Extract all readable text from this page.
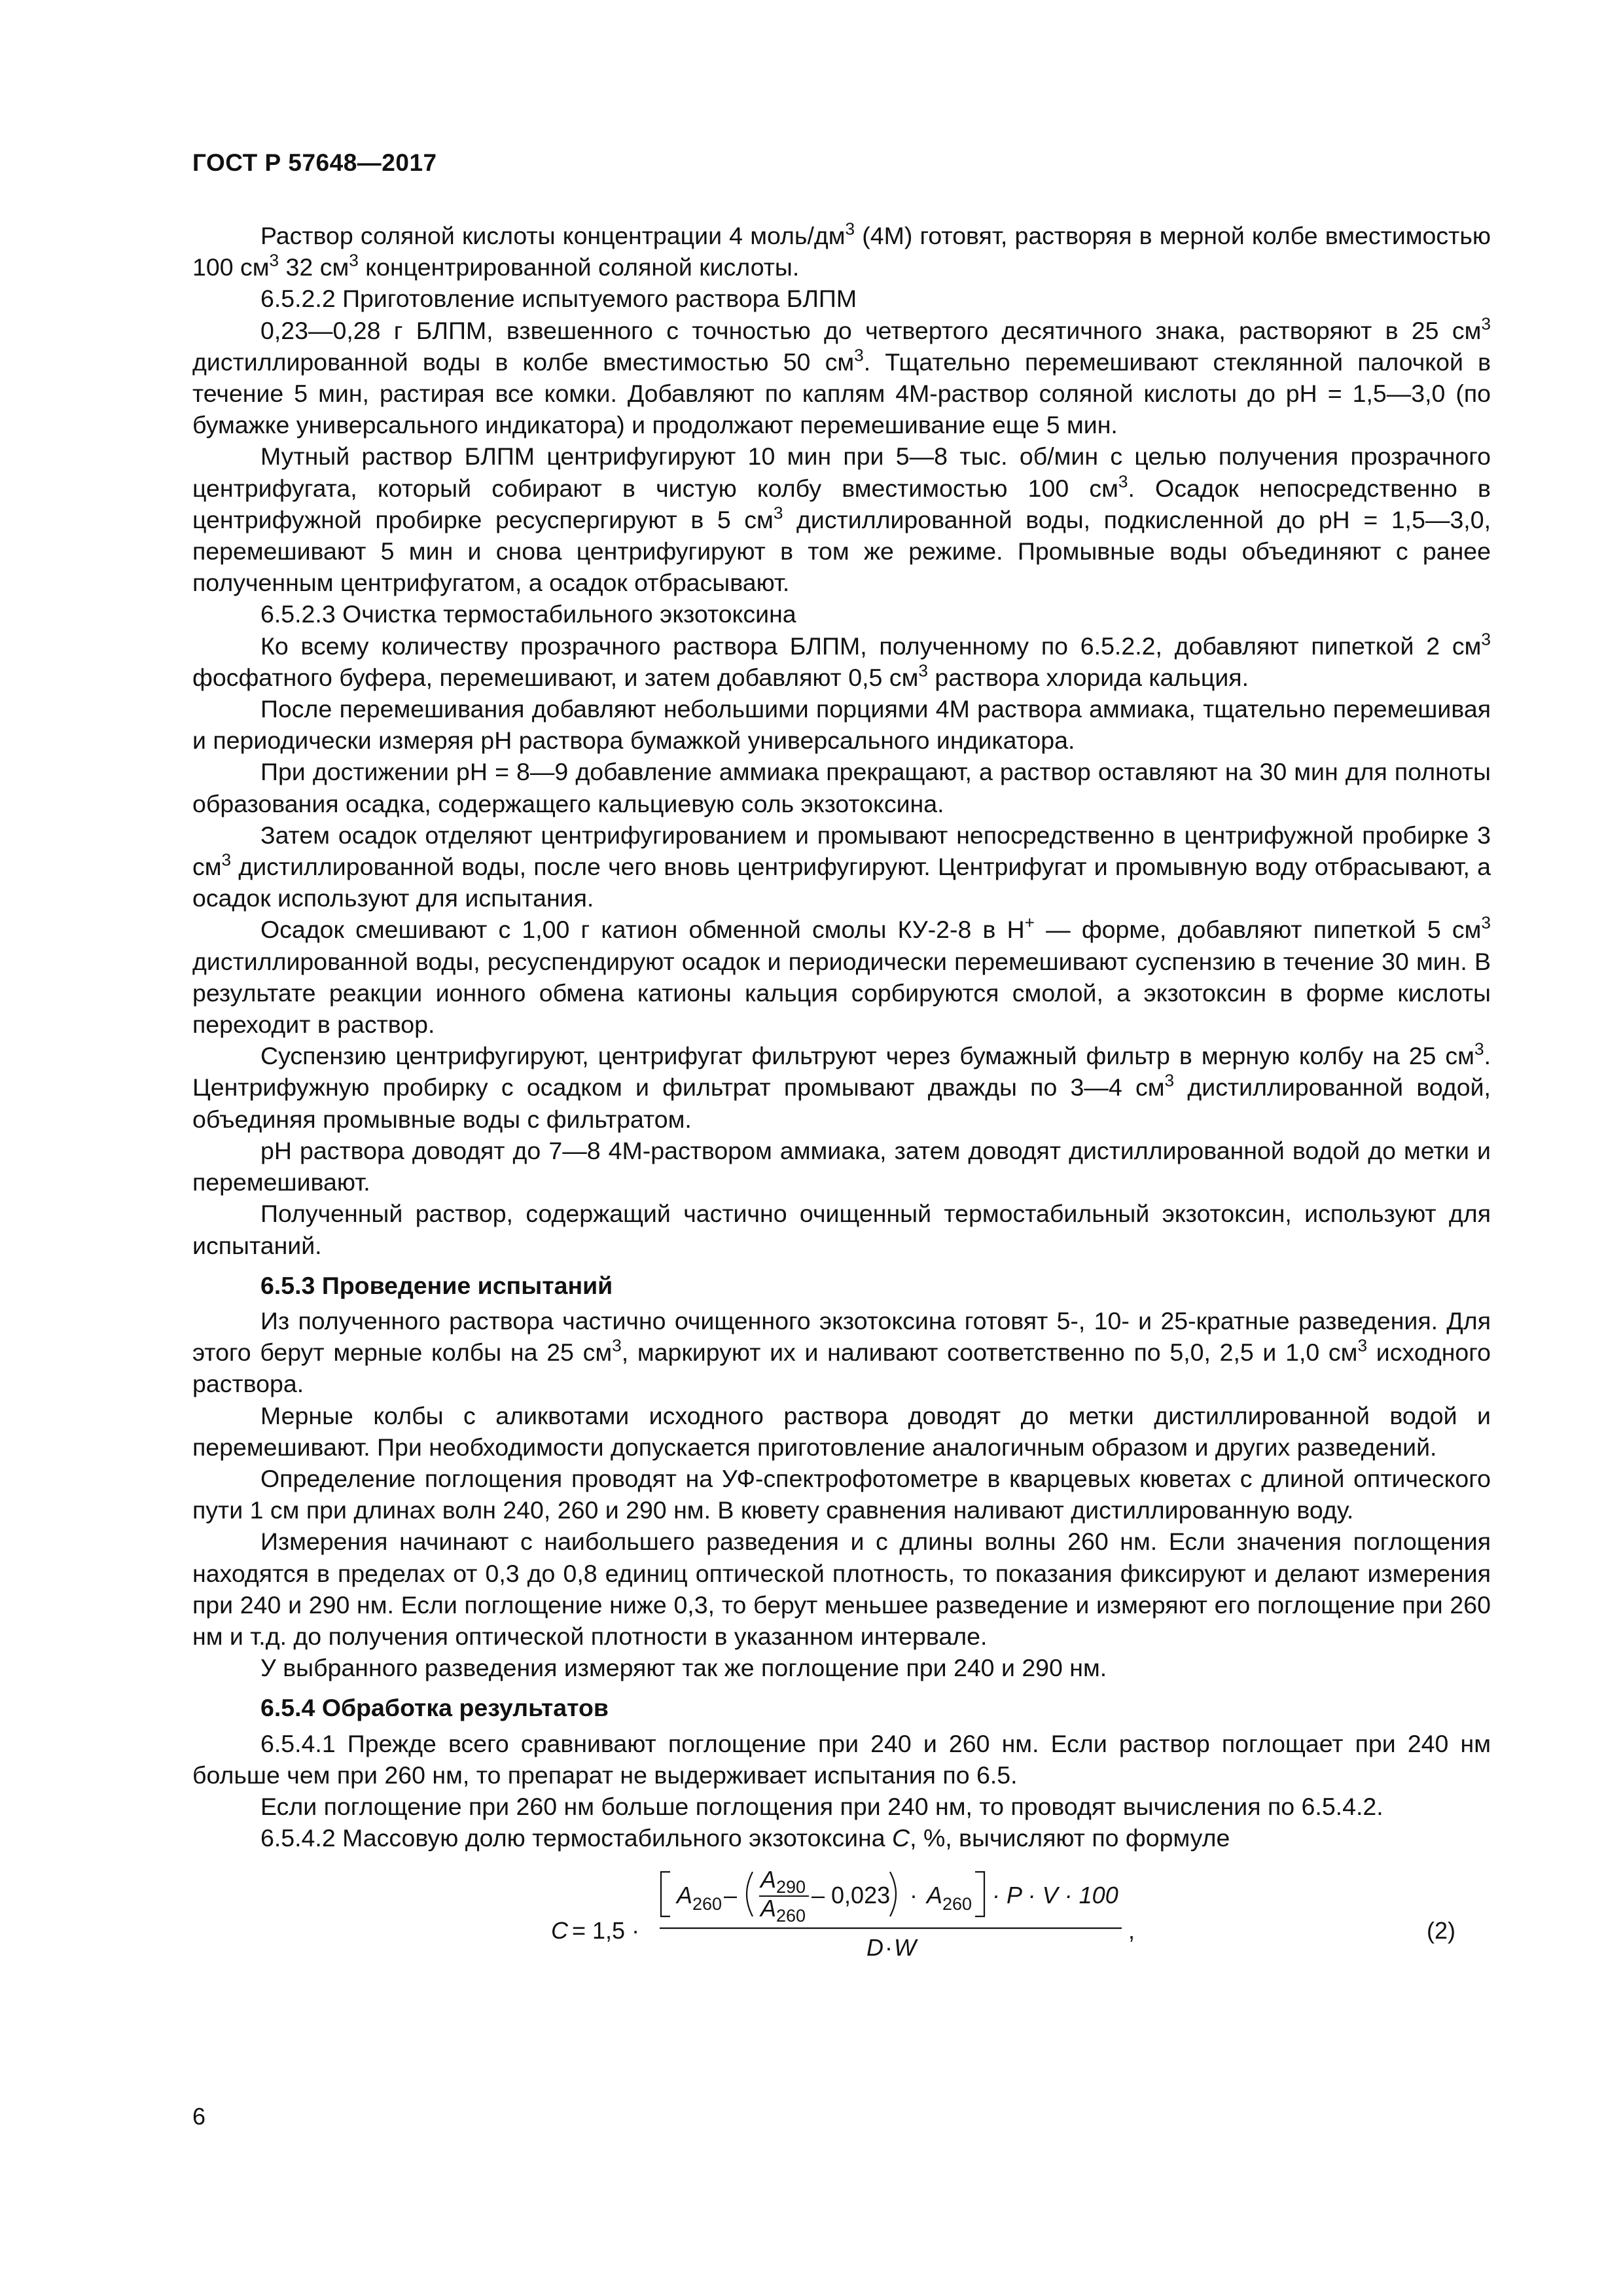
ГОСТ Р 57648—2017

Раствор соляной кислоты концентрации 4 моль/$дм^3$ (4М) готовят, растворяя в мерной колбе вместимостью 100 $см^3$ 32 $см^3$ концентрированной соляной кислоты.

6.5.2.2 Приготовление испытуемого раствора БЛПМ

0,23—0,28 г БЛПМ, взвешенного с точностью до четвертого десятичного знака, растворяют в 25 $см^3$ дистиллированной воды в колбе вместимостью 50 $см^3$. Тщательно перемешивают стеклянной палочкой в течение 5 мин, растирая все комки. Добавляют по каплям 4М-раствор соляной кислоты до рН = 1,5—3,0 (по бумажке универсального индикатора) и продолжают перемешивание еще 5 мин.

Мутный раствор БЛПМ центрифугируют 10 мин при 5—8 тыс. об/мин с целью получения прозрачного центрифугата, который собирают в чистую колбу вместимостью 100 $см^3$. Осадок непосредственно в центрифужной пробирке ресуспергируют в 5 $см^3$ дистиллированной воды, подкисленной до рН = 1,5—3,0, перемешивают 5 мин и снова центрифугируют в том же режиме. Промывные воды объединяют с ранее полученным центрифугатом, а осадок отбрасывают.

6.5.2.3 Очистка термостабильного экзотоксина

Ко всему количеству прозрачного раствора БЛПМ, полученному по 6.5.2.2, добавляют пипеткой 2 $см^3$ фосфатного буфера, перемешивают, и затем добавляют 0,5 $см^3$ раствора хлорида кальция.

После перемешивания добавляют небольшими порциями 4М раствора аммиака, тщательно перемешивая и периодически измеряя рН раствора бумажкой универсального индикатора.

При достижении рН = 8—9 добавление аммиака прекращают, а раствор оставляют на 30 мин для полноты образования осадка, содержащего кальциевую соль экзотоксина.

Затем осадок отделяют центрифугированием и промывают непосредственно в центрифужной пробирке 3 $см^3$ дистиллированной воды, после чего вновь центрифугируют. Центрифугат и промывную воду отбрасывают, а осадок используют для испытания.

Осадок смешивают с 1,00 г катион обменной смолы КУ-2-8 в Н+ — форме, добавляют пипеткой 5 $см^3$ дистиллированной воды, ресуспендируют осадок и периодически перемешивают суспензию в течение 30 мин. В результате реакции ионного обмена катионы кальция сорбируются смолой, а экзотоксин в форме кислоты переходит в раствор.

Суспензию центрифугируют, центрифугат фильтруют через бумажный фильтр в мерную колбу на 25 $см^3$. Центрифужную пробирку с осадком и фильтрат промывают дважды по 3—4 $см^3$ дистиллированной водой, объединяя промывные воды с фильтратом.

рН раствора доводят до 7—8 4М-раствором аммиака, затем доводят дистиллированной водой до метки и перемешивают.

Полученный раствор, содержащий частично очищенный термостабильный экзотоксин, используют для испытаний.

6.5.3 Проведение испытаний

Из полученного раствора частично очищенного экзотоксина готовят 5-, 10- и 25-кратные разведения. Для этого берут мерные колбы на 25 $см^3$, маркируют их и наливают соответственно по 5,0, 2,5 и 1,0 $см^3$ исходного раствора.

Мерные колбы с аликвотами исходного раствора доводят до метки дистиллированной водой и перемешивают. При необходимости допускается приготовление аналогичным образом и других разведений.

Определение поглощения проводят на УФ-спектрофотометре в кварцевых кюветах с длиной оптического пути 1 см при длинах волн 240, 260 и 290 нм. В кювету сравнения наливают дистиллированную воду.

Измерения начинают с наибольшего разведения и с длины волны 260 нм. Если значения поглощения находятся в пределах от 0,3 до 0,8 единиц оптической плотность, то показания фиксируют и делают измерения при 240 и 290 нм. Если поглощение ниже 0,3, то берут меньшее разведение и измеряют его поглощение при 260 нм и т.д. до получения оптической плотности в указанном интервале.

У выбранного разведения измеряют так же поглощение при 240 и 290 нм.

6.5.4 Обработка результатов

6.5.4.1 Прежде всего сравнивают поглощение при 240 и 260 нм. Если раствор поглощает при 240 нм больше чем при 260 нм, то препарат не выдерживает испытания по 6.5.

Если поглощение при 260 нм больше поглощения при 240 нм, то проводят вычисления по 6.5.4.2.

6.5.4.2 Массовую долю термостабильного экзотоксина С, %, вычисляют по формуле

C = 1,5 ·
A 260 –
A 290
A 260
– 0,023 · A 260 · P · V · 100
D · W
,	(2)
6
